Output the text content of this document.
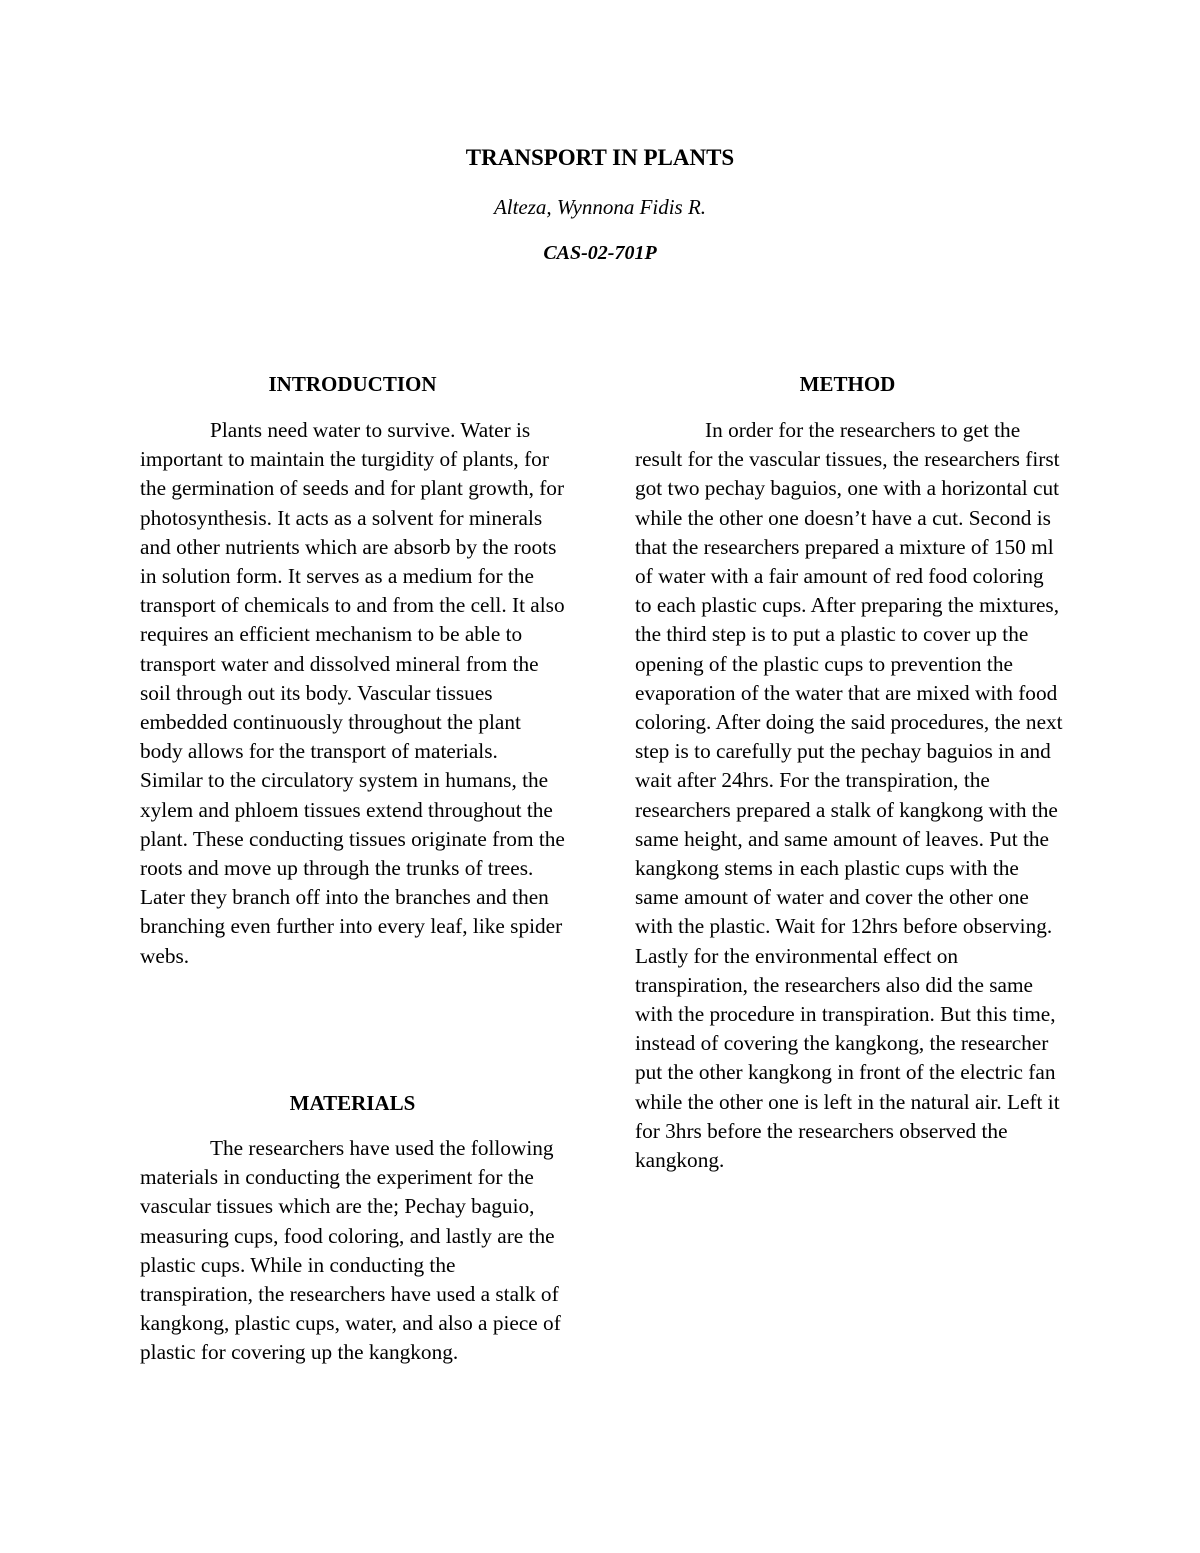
TRANSPORT IN PLANTS
Alteza, Wynnona Fidis R.
CAS-02-701P
INTRODUCTION

Plants need water to survive. Water is important to maintain the turgidity of plants, for the germination of seeds and for plant growth, for photosynthesis. It acts as a solvent for minerals and other nutrients which are absorb by the roots in solution form. It serves as a medium for the transport of chemicals to and from the cell. It also requires an efficient mechanism to be able to transport water and dissolved mineral from the soil through out its body. Vascular tissues embedded continuously throughout the plant body allows for the transport of materials. Similar to the circulatory system in humans, the xylem and phloem tissues extend throughout the plant. These conducting tissues originate from the roots and move up through the trunks of trees. Later they branch off into the branches and then branching even further into every leaf, like spider webs.

MATERIALS

The researchers have used the following materials in conducting the experiment for the vascular tissues which are the; Pechay baguio, measuring cups, food coloring, and lastly are the plastic cups. While in conducting the transpiration, the researchers have used a stalk of kangkong, plastic cups, water, and also a piece of plastic for covering up the kangkong.

METHOD

In order for the researchers to get the result for the vascular tissues, the researchers first got two pechay baguios, one with a horizontal cut while the other one doesn’t have a cut. Second is that the researchers prepared a mixture of 150 ml of water with a fair amount of red food coloring to each plastic cups. After preparing the mixtures, the third step is to put a plastic to cover up the opening of the plastic cups to prevention the evaporation of the water that are mixed with food coloring. After doing the said procedures, the next step is to carefully put the pechay baguios in and wait after 24hrs. For the transpiration, the researchers prepared a stalk of kangkong with the same height, and same amount of leaves. Put the kangkong stems in each plastic cups with the same amount of water and cover the other one with the plastic. Wait for 12hrs before observing. Lastly for the environmental effect on transpiration, the researchers also did the same with the procedure in transpiration. But this time, instead of covering the kangkong, the researcher put the other kangkong in front of the electric fan while the other one is left in the natural air. Left it for 3hrs before the researchers observed the kangkong.
